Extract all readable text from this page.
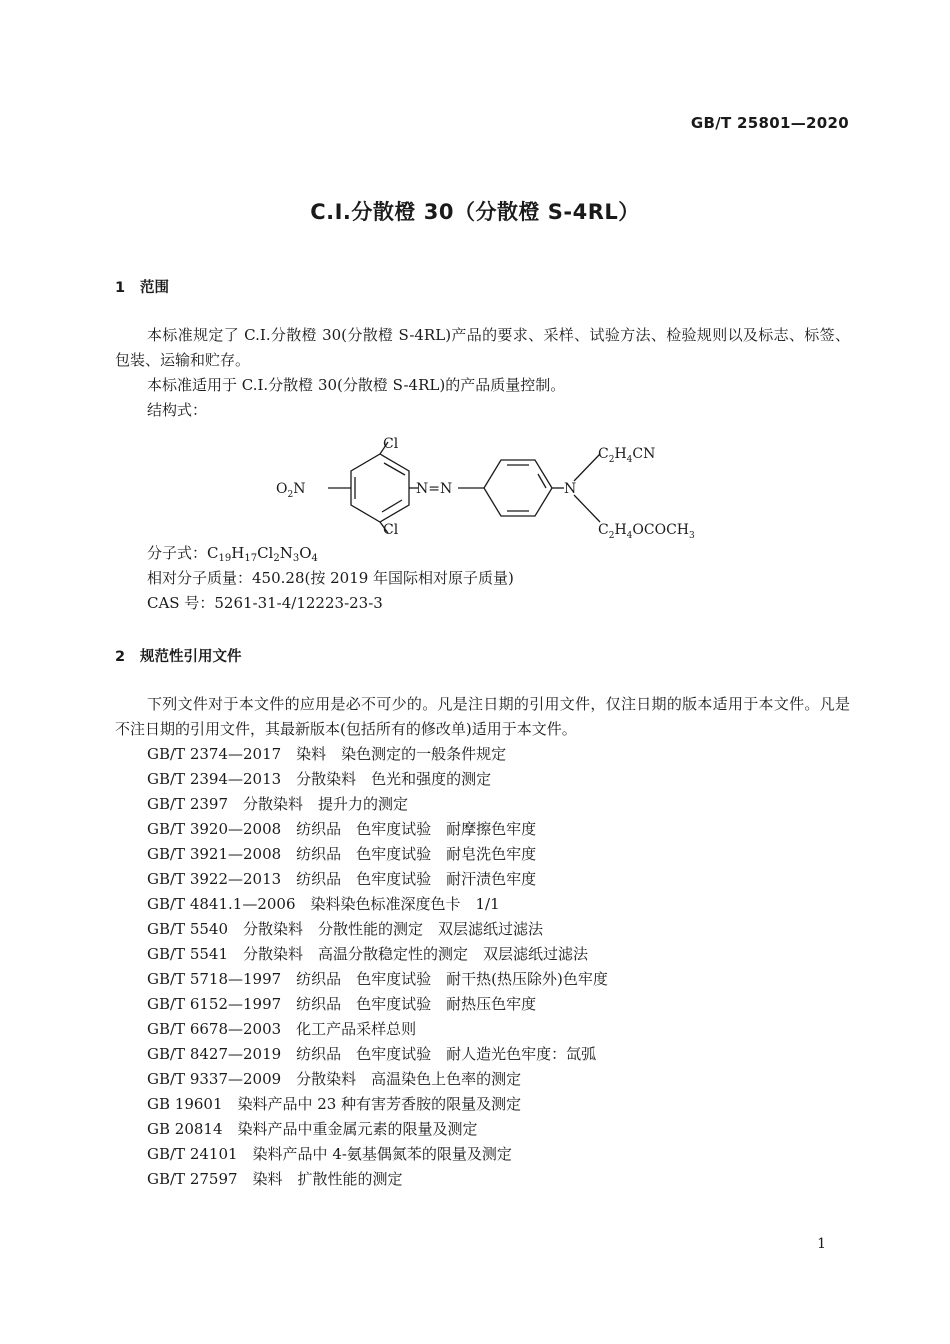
GB/T 25801—2020
C.I.分散橙 30（分散橙 S-4RL）
1 范围
本标准规定了 C.I.分散橙 30(分散橙 S-4RL)产品的要求、采样、试验方法、检验规则以及标志、标签、包装、运输和贮存。
本标准适用于 C.I.分散橙 30(分散橙 S-4RL)的产品质量控制。
结构式：
Cl
Cl
$O_2N$	N=N	N
$C_2H_4CN$
$C_2H_4OCOCH_3$
分子式：$C_{19}H_{17}Cl_2N_3O_4$
相对分子质量：450.28(按 2019 年国际相对原子质量)
CAS 号：5261-31-4/12223-23-3
2 规范性引用文件
下列文件对于本文件的应用是必不可少的。凡是注日期的引用文件，仅注日期的版本适用于本文件。凡是不注日期的引用文件，其最新版本(包括所有的修改单)适用于本文件。
GB/T 2374—2017　染料　染色测定的一般条件规定
GB/T 2394—2013　分散染料　色光和强度的测定
GB/T 2397　分散染料　提升力的测定
GB/T 3920—2008　纺织品　色牢度试验　耐摩擦色牢度
GB/T 3921—2008　纺织品　色牢度试验　耐皂洗色牢度
GB/T 3922—2013　纺织品　色牢度试验　耐汗渍色牢度
GB/T 4841.1—2006　染料染色标准深度色卡　1/1
GB/T 5540　分散染料　分散性能的测定　双层滤纸过滤法
GB/T 5541　分散染料　高温分散稳定性的测定　双层滤纸过滤法
GB/T 5718—1997　纺织品　色牢度试验　耐干热(热压除外)色牢度
GB/T 6152—1997　纺织品　色牢度试验　耐热压色牢度
GB/T 6678—2003　化工产品采样总则
GB/T 8427—2019　纺织品　色牢度试验　耐人造光色牢度：氙弧
GB/T 9337—2009　分散染料　高温染色上色率的测定
GB 19601　染料产品中 23 种有害芳香胺的限量及测定
GB 20814　染料产品中重金属元素的限量及测定
GB/T 24101　染料产品中 4-氨基偶氮苯的限量及测定
GB/T 27597　染料　扩散性能的测定
1
